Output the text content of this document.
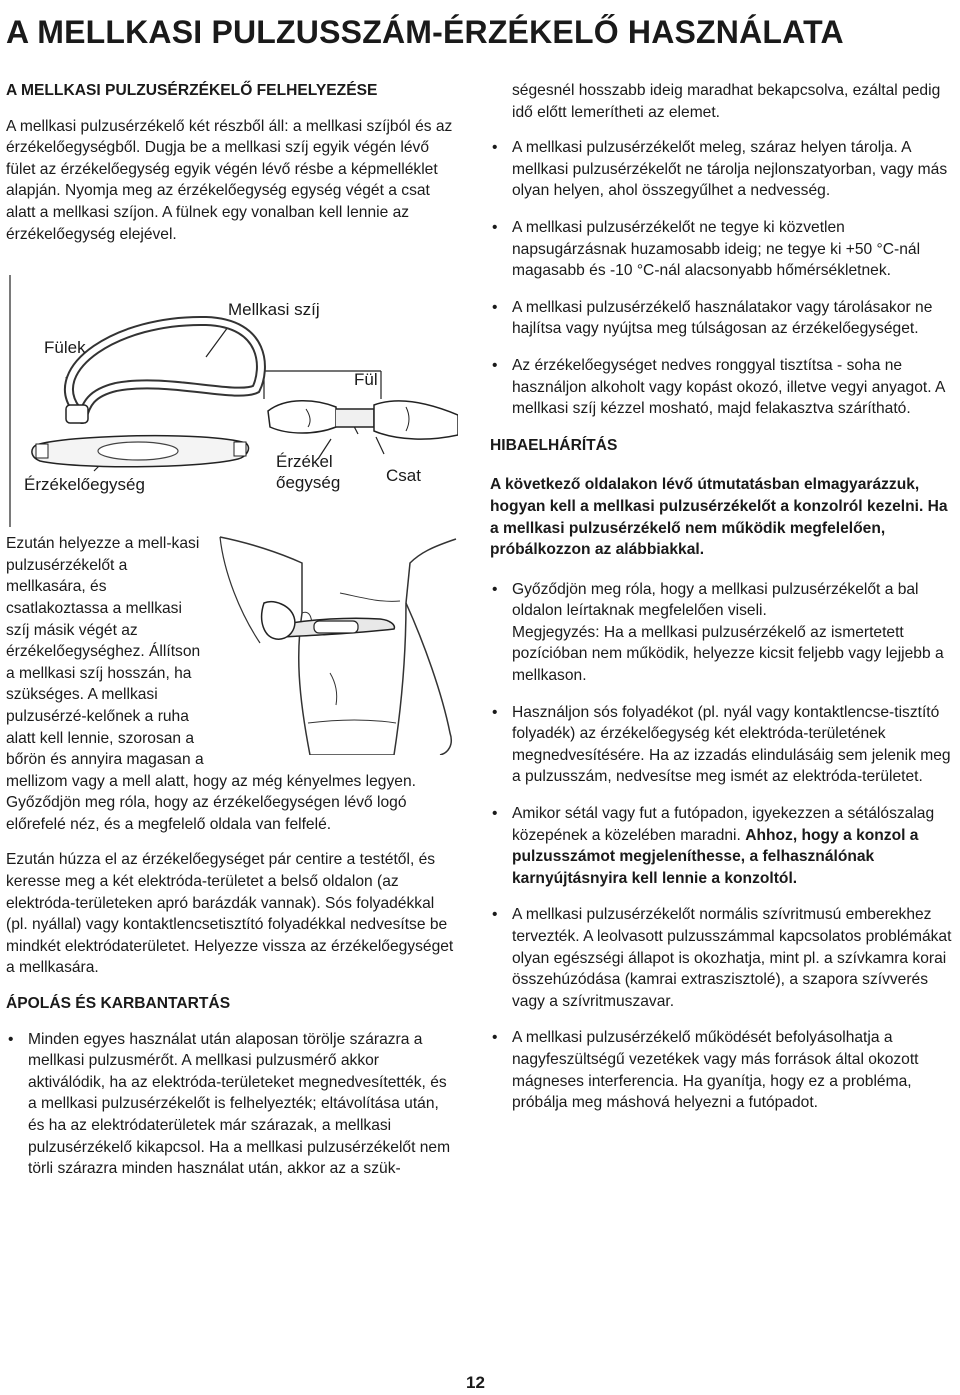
A MELLKASI PULZUSSZÁM-ÉRZÉKELŐ HASZNÁLATA
A MELLKASI PULZUSÉRZÉKELŐ FELHELYEZÉSE

A mellkasi pulzusérzékelő két részből áll: a mellkasi szíjból és az érzékelőegységből. Dugja be a mellkasi szíj egyik végén lévő fület az érzékelőegység egyik végén lévő résbe a képmelléklet alapján. Nyomja meg az érzékelőegység egység végét a csat alatt a mellkasi szíjon. A fülnek egy vonalban kell lennie az érzékelőegység elejével.

Fülek
Mellkasi szíj
Fül
Érzékelőegység
Érzékel őegység	Csat

Ezután helyezze a mell-kasi pulzusérzékelőt a mellkasára, és csatlakoztassa a mellkasi szíj másik végét az érzékelőegységhez. Állítson a mellkasi szíj hosszán, ha szükséges. A mellkasi pulzusérzé-kelőnek a ruha alatt kell lennie, szorosan a bőrön és annyira magasan a mellizom vagy a mell alatt, hogy az még kényelmes legyen. Győződjön meg róla, hogy az érzékelőegységen lévő logó előrefelé néz, és a megfelelő oldala van felfelé.

Ezután húzza el az érzékelőegységet pár centire a testétől, és keresse meg a két elektróda-területet a belső oldalon (az elektróda-területeken apró barázdák vannak). Sós folyadékkal (pl. nyállal) vagy kontaktlencsetisztító folyadékkal nedvesítse be mindkét elektródaterületet. Helyezze vissza az érzékelőegységet a mellkasára.

ÁPOLÁS ÉS KARBANTARTÁS
• Minden egyes használat után alaposan törölje szárazra a mellkasi pulzusmérőt. A mellkasi pulzusmérő akkor aktiválódik, ha az elektróda-területeket megnedvesítették, és a mellkasi pulzusérzékelőt is felhelyezték; eltávolítása után, és ha az elektródaterületek már szárazak, a mellkasi pulzusérzékelő kikapcsol. Ha a mellkasi pulzusérzékelőt nem törli szárazra minden használat után, akkor az a szük-

ségesnél hosszabb ideig maradhat bekapcsolva, ezáltal pedig idő előtt lemerítheti az elemet.

• A mellkasi pulzusérzékelőt meleg, száraz helyen tárolja. A mellkasi pulzusérzékelőt ne tárolja nejlonszatyorban, vagy más olyan helyen, ahol összegyűlhet a nedvesség.
• A mellkasi pulzusérzékelőt ne tegye ki közvetlen napsugárzásnak huzamosabb ideig; ne tegye ki +50 °C-nál magasabb és -10 °C-nál alacsonyabb hőmérsékletnek.
• A mellkasi pulzusérzékelő használatakor vagy tárolásakor ne hajlítsa vagy nyújtsa meg túlságosan az érzékelőegységet.
• Az érzékelőegységet nedves ronggyal tisztítsa - soha ne használjon alkoholt vagy kopást okozó, illetve vegyi anyagot. A mellkasi szíj kézzel mosható, majd felakasztva szárítható.
HIBAELHÁRÍTÁS

A következő oldalakon lévő útmutatásban elmagyarázzuk, hogyan kell a mellkasi pulzusérzékelőt a konzolról kezelni. Ha a mellkasi pulzusérzékelő nem működik megfelelően, próbálkozzon az alábbiakkal.

• Győződjön meg róla, hogy a mellkasi pulzusérzékelőt a bal oldalon leírtaknak megfelelően viseli.
Megjegyzés: Ha a mellkasi pulzusérzékelő az ismertetett pozícióban nem működik, helyezze kicsit feljebb vagy lejjebb a mellkason.
• Használjon sós folyadékot (pl. nyál vagy kontaktlencse-tisztító folyadék) az érzékelőegység két elektróda-területének megnedvesítésére. Ha az izzadás elindulásáig sem jelenik meg a pulzusszám, nedvesítse meg ismét az elektróda-területet.
• Amikor sétál vagy fut a futópadon, igyekezzen a sétálószalag közepének a közelében maradni. Ahhoz, hogy a konzol a pulzusszámot megjeleníthesse, a felhasználónak karnyújtásnyira kell lennie a konzoltól.
• A mellkasi pulzusérzékelőt normális szívritmusú emberekhez tervezték. A leolvasott pulzusszámmal kapcsolatos problémákat olyan egészségi állapot is okozhatja, mint pl. a szívkamra korai összehúzódása (kamrai extraszisztolé), a szapora szívverés vagy a szívritmuszavar.
• A mellkasi pulzusérzékelő működését befolyásolhatja a nagyfeszültségű vezetékek vagy más források által okozott mágneses interferencia. Ha gyanítja, hogy ez a probléma, próbálja meg máshová helyezni a futópadot.
12
